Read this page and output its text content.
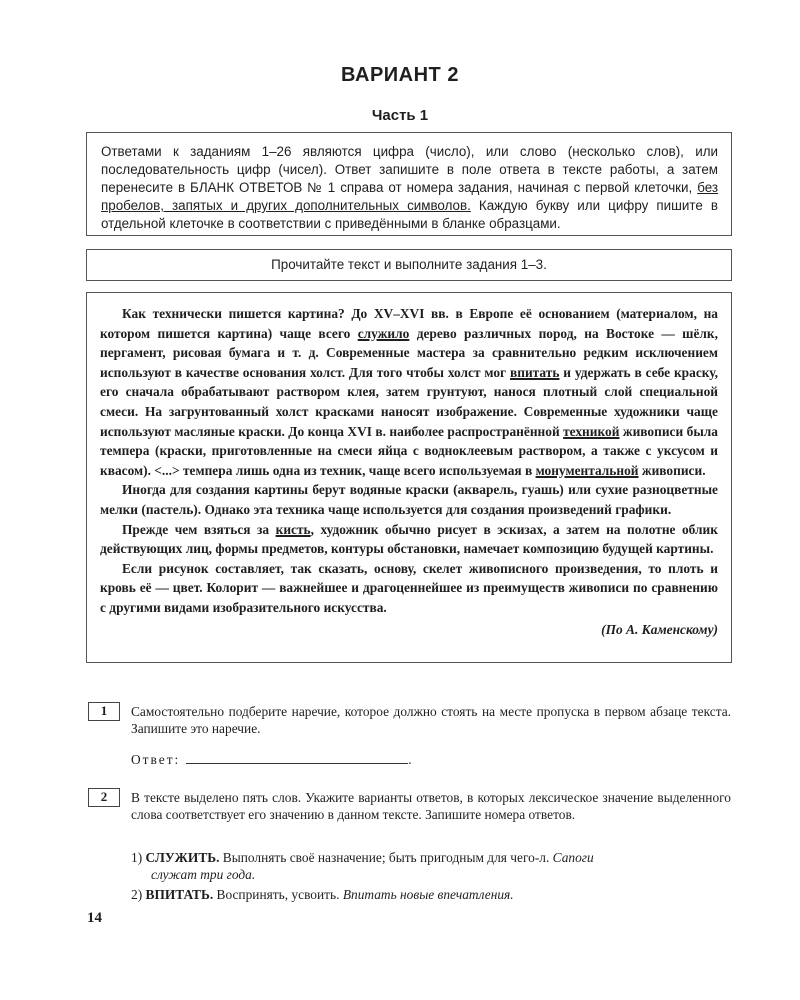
ВАРИАНТ 2
Часть 1
Ответами к заданиям 1–26 являются цифра (число), или слово (несколько слов), или последовательность цифр (чисел). Ответ запишите в поле ответа в тексте работы, а затем перенесите в БЛАНК ОТВЕТОВ № 1 справа от номера задания, начиная с первой клеточки, без пробелов, запятых и других дополнительных символов. Каждую букву или цифру пишите в отдельной клеточке в соответствии с приведёнными в бланке образцами.
Прочитайте текст и выполните задания 1–3.

Как технически пишется картина? До XV–XVI вв. в Европе её основанием (материалом, на котором пишется картина) чаще всего служило дерево различных пород, на Востоке — шёлк, пергамент, рисовая бумага и т. д. Современные мастера за сравнительно редким исключением используют в качестве основания холст. Для того чтобы холст мог впитать и удержать в себе краску, его сначала обрабатывают раствором клея, затем грунтуют, нанося плотный слой специальной смеси. На загрунтованный холст красками наносят изображение. Современные художники чаще используют масляные краски. До конца XVI в. наиболее распространённой техникой живописи была темпера (краски, приготовленные на смеси яйца с водноклеевым раствором, а также с уксусом и квасом). <...> темпера лишь одна из техник, чаще всего используемая в монументальной живописи.

Иногда для создания картины берут водяные краски (акварель, гуашь) или сухие разноцветные мелки (пастель). Однако эта техника чаще используется для создания произведений графики.

Прежде чем взяться за кисть, художник обычно рисует в эскизах, а затем на полотне облик действующих лиц, формы предметов, контуры обстановки, намечает композицию будущей картины.

Если рисунок составляет, так сказать, основу, скелет живописного произведения, то плоть и кровь её — цвет. Колорит — важнейшее и драгоценнейшее из преимуществ живописи по сравнению с другими видами изобразительного искусства.

(По А. Каменскому)
1	Самостоятельно подберите наречие, которое должно стоять на месте пропуска в первом абзаце текста. Запишите это наречие.
Ответ:	.
2	В тексте выделено пять слов. Укажите варианты ответов, в которых лексическое значение выделенного слова соответствует его значению в данном тексте. Запишите номера ответов.
1) СЛУЖИТЬ. Выполнять своё назначение; быть пригодным для чего-л. Сапоги
служат три года.
2) ВПИТАТЬ. Воспринять, усвоить. Впитать новые впечатления.
14
